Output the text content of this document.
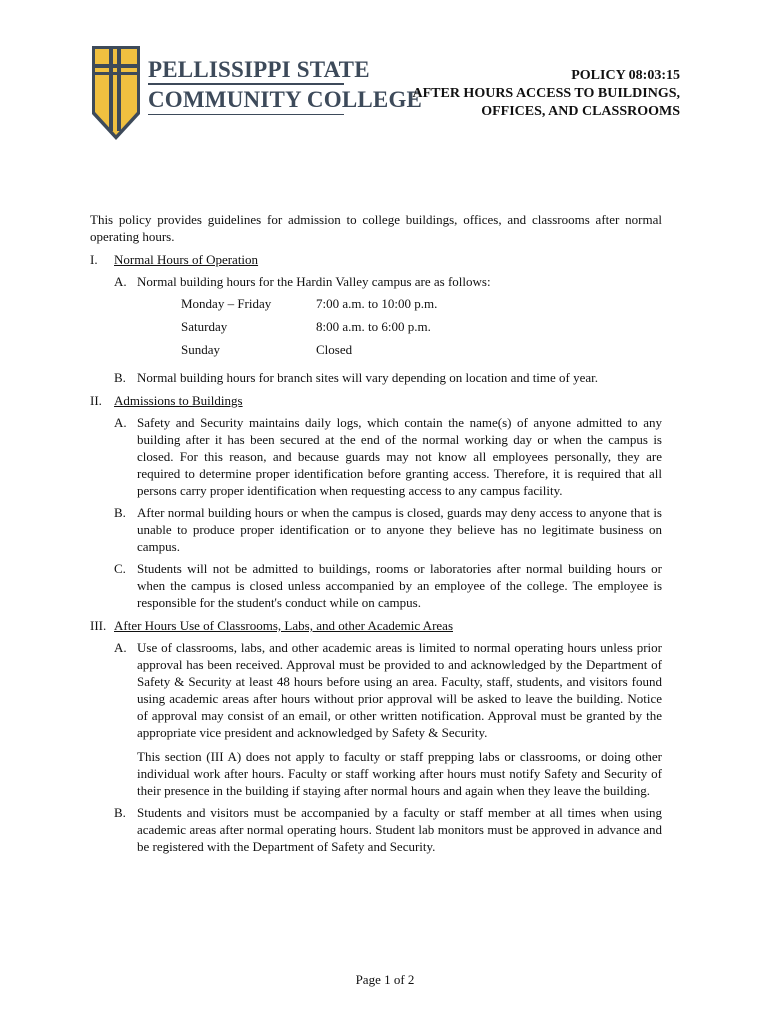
PELLISSIPPI STATE
COMMUNITY COLLEGE
POLICY 08:03:15
AFTER HOURS ACCESS TO BUILDINGS,
OFFICES, AND CLASSROOMS

This policy provides guidelines for admission to college buildings, offices, and classrooms after normal operating hours.

I. Normal Hours of Operation
A. Normal building hours for the Hardin Valley campus are as follows:
Monday – Friday	7:00 a.m. to 10:00 p.m.
Saturday	8:00 a.m. to 6:00 p.m.
Sunday	Closed
B. Normal building hours for branch sites will vary depending on location and time of year.
II. Admissions to Buildings
A. Safety and Security maintains daily logs, which contain the name(s) of anyone admitted to any building after it has been secured at the end of the normal working day or when the campus is closed. For this reason, and because guards may not know all employees personally, they are required to determine proper identification before granting access. Therefore, it is required that all persons carry proper identification when requesting access to any campus facility.
B. After normal building hours or when the campus is closed, guards may deny access to anyone that is unable to produce proper identification or to anyone they believe has no legitimate business on campus.
C. Students will not be admitted to buildings, rooms or laboratories after normal building hours or when the campus is closed unless accompanied by an employee of the college. The employee is responsible for the student's conduct while on campus.
III. After Hours Use of Classrooms, Labs, and other Academic Areas
A. Use of classrooms, labs, and other academic areas is limited to normal operating hours unless prior approval has been received. Approval must be provided to and acknowledged by the Department of Safety & Security at least 48 hours before using an area. Faculty, staff, students, and visitors found using academic areas after hours without prior approval will be asked to leave the building. Notice of approval may consist of an email, or other written notification. Approval must be granted by the appropriate vice president and acknowledged by Safety & Security.

This section (III A) does not apply to faculty or staff prepping labs or classrooms, or doing other individual work after hours. Faculty or staff working after hours must notify Safety and Security of their presence in the building if staying after normal hours and again when they leave the building.

B. Students and visitors must be accompanied by a faculty or staff member at all times when using academic areas after normal operating hours. Student lab monitors must be approved in advance and be registered with the Department of Safety and Security.
Page 1 of 2
